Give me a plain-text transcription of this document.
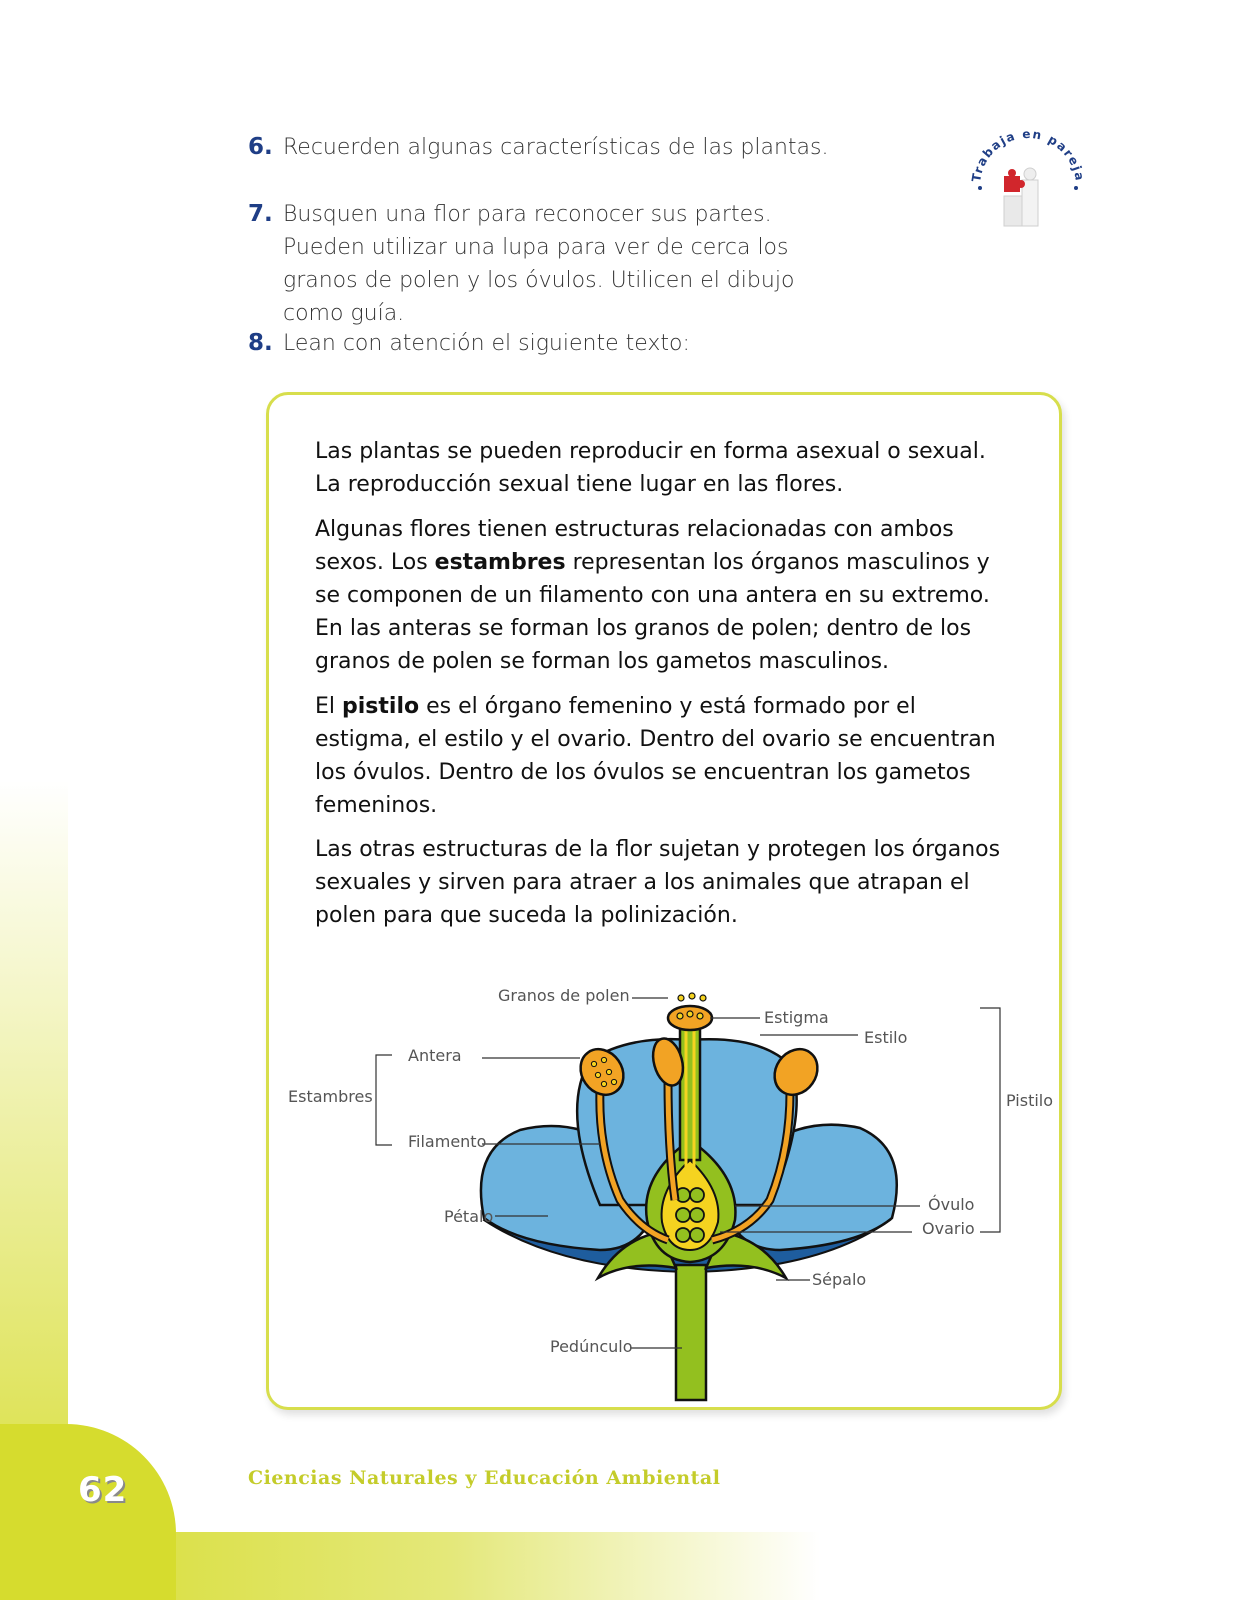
6. Recuerden algunas características de las plantas.
7. Busquen una flor para reconocer sus partes. Pueden utilizar una lupa para ver de cerca los granos de polen y los óvulos. Utilicen el dibujo como guía.
8. Lean con atención el siguiente texto:
Trabaja en pareja

Las plantas se pueden reproducir en forma asexual o sexual. La reproducción sexual tiene lugar en las flores.

Algunas flores tienen estructuras relacionadas con ambos sexos. Los estambres representan los órganos masculinos y se componen de un filamento con una antera en su extremo. En las anteras se forman los granos de polen; dentro de los granos de polen se forman los gametos masculinos.

El pistilo es el órgano femenino y está formado por el estigma, el estilo y el ovario. Dentro del ovario se encuentran los óvulos. Dentro de los óvulos se encuentran los gametos femeninos.

Las otras estructuras de la flor sujetan y protegen los órganos sexuales y sirven para atraer a los animales que atrapan el polen para que suceda la polinización.

Granos de polen
Estigma
Estilo
Antera
Estambres
Filamento
Pistilo
Pétalo
Óvulo
Ovario
Sépalo
Pedúnculo
62	Ciencias Naturales y Educación Ambiental
